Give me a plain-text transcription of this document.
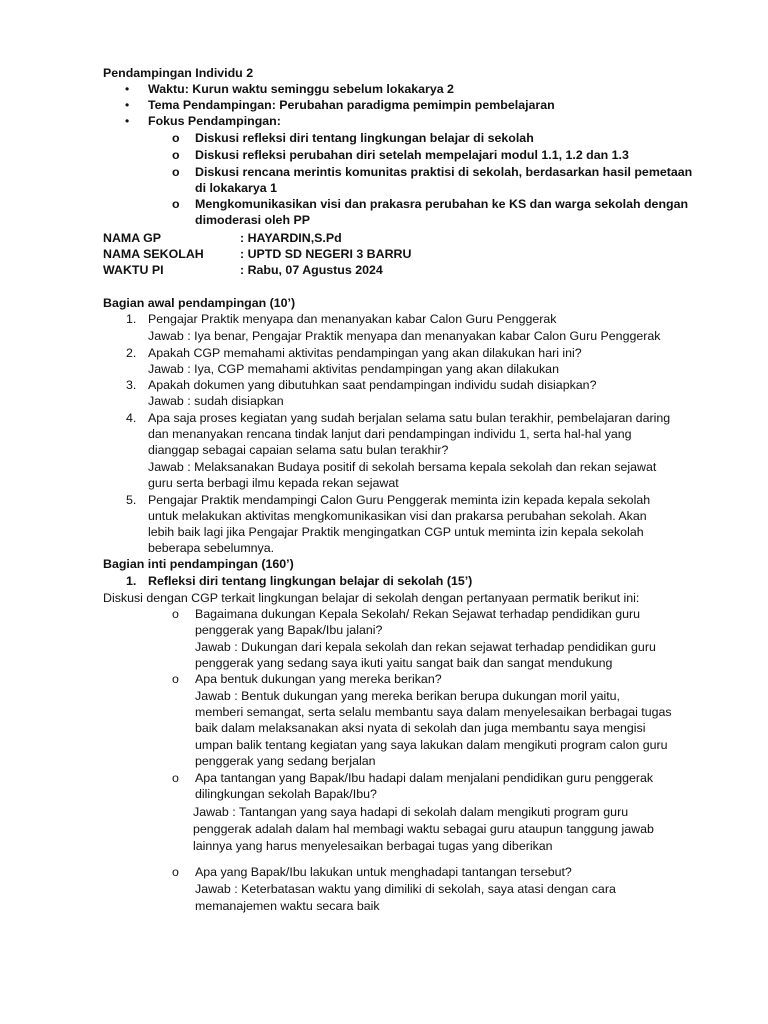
Pendampingan Individu 2
• Waktu: Kurun waktu seminggu sebelum lokakarya 2
• Tema Pendampingan: Perubahan paradigma pemimpin pembelajaran
• Fokus Pendampingan:
o Diskusi refleksi diri tentang lingkungan belajar di sekolah
o Diskusi refleksi perubahan diri setelah mempelajari modul 1.1, 1.2 dan 1.3
o Diskusi rencana merintis komunitas praktisi di sekolah, berdasarkan hasil pemetaan
di lokakarya 1
o Mengkomunikasikan visi dan prakasra perubahan ke KS dan warga sekolah dengan
dimoderasi oleh PP
NAMA GP	: HAYARDIN,S.Pd
NAMA SEKOLAH	: UPTD SD NEGERI 3 BARRU
WAKTU PI	: Rabu, 07 Agustus 2024
Bagian awal pendampingan (10’)
1. Pengajar Praktik menyapa dan menanyakan kabar Calon Guru Penggerak
Jawab : Iya benar, Pengajar Praktik menyapa dan menanyakan kabar Calon Guru Penggerak
2. Apakah CGP memahami aktivitas pendampingan yang akan dilakukan hari ini?
Jawab : Iya, CGP memahami aktivitas pendampingan yang akan dilakukan
3. Apakah dokumen yang dibutuhkan saat pendampingan individu sudah disiapkan?
Jawab : sudah disiapkan
4. Apa saja proses kegiatan yang sudah berjalan selama satu bulan terakhir, pembelajaran daring
dan menanyakan rencana tindak lanjut dari pendampingan individu 1, serta hal-hal yang
dianggap sebagai capaian selama satu bulan terakhir?
Jawab : Melaksanakan Budaya positif di sekolah bersama kepala sekolah dan rekan sejawat
guru serta berbagi ilmu kepada rekan sejawat
5. Pengajar Praktik mendampingi Calon Guru Penggerak meminta izin kepada kepala sekolah
untuk melakukan aktivitas mengkomunikasikan visi dan prakarsa perubahan sekolah. Akan
lebih baik lagi jika Pengajar Praktik mengingatkan CGP untuk meminta izin kepala sekolah
beberapa sebelumnya.
Bagian inti pendampingan (160’)
1. Refleksi diri tentang lingkungan belajar di sekolah (15’)
Diskusi dengan CGP terkait lingkungan belajar di sekolah dengan pertanyaan permatik berikut ini:
o Bagaimana dukungan Kepala Sekolah/ Rekan Sejawat terhadap pendidikan guru
penggerak yang Bapak/Ibu jalani?
Jawab : Dukungan dari kepala sekolah dan rekan sejawat terhadap pendidikan guru
penggerak yang sedang saya ikuti yaitu sangat baik dan sangat mendukung
o Apa bentuk dukungan yang mereka berikan?
Jawab : Bentuk dukungan yang mereka berikan berupa dukungan moril yaitu,
memberi semangat, serta selalu membantu saya dalam menyelesaikan berbagai tugas
baik dalam melaksanakan aksi nyata di sekolah dan juga membantu saya mengisi
umpan balik tentang kegiatan yang saya lakukan dalam mengikuti program calon guru
penggerak yang sedang berjalan
o Apa tantangan yang Bapak/Ibu hadapi dalam menjalani pendidikan guru penggerak
dilingkungan sekolah Bapak/Ibu?
Jawab : Tantangan yang saya hadapi di sekolah dalam mengikuti program guru
penggerak adalah dalam hal membagi waktu sebagai guru ataupun tanggung jawab
lainnya yang harus menyelesaikan berbagai tugas yang diberikan
o Apa yang Bapak/Ibu lakukan untuk menghadapi tantangan tersebut?
Jawab : Keterbatasan waktu yang dimiliki di sekolah, saya atasi dengan cara
memanajemen waktu secara baik
